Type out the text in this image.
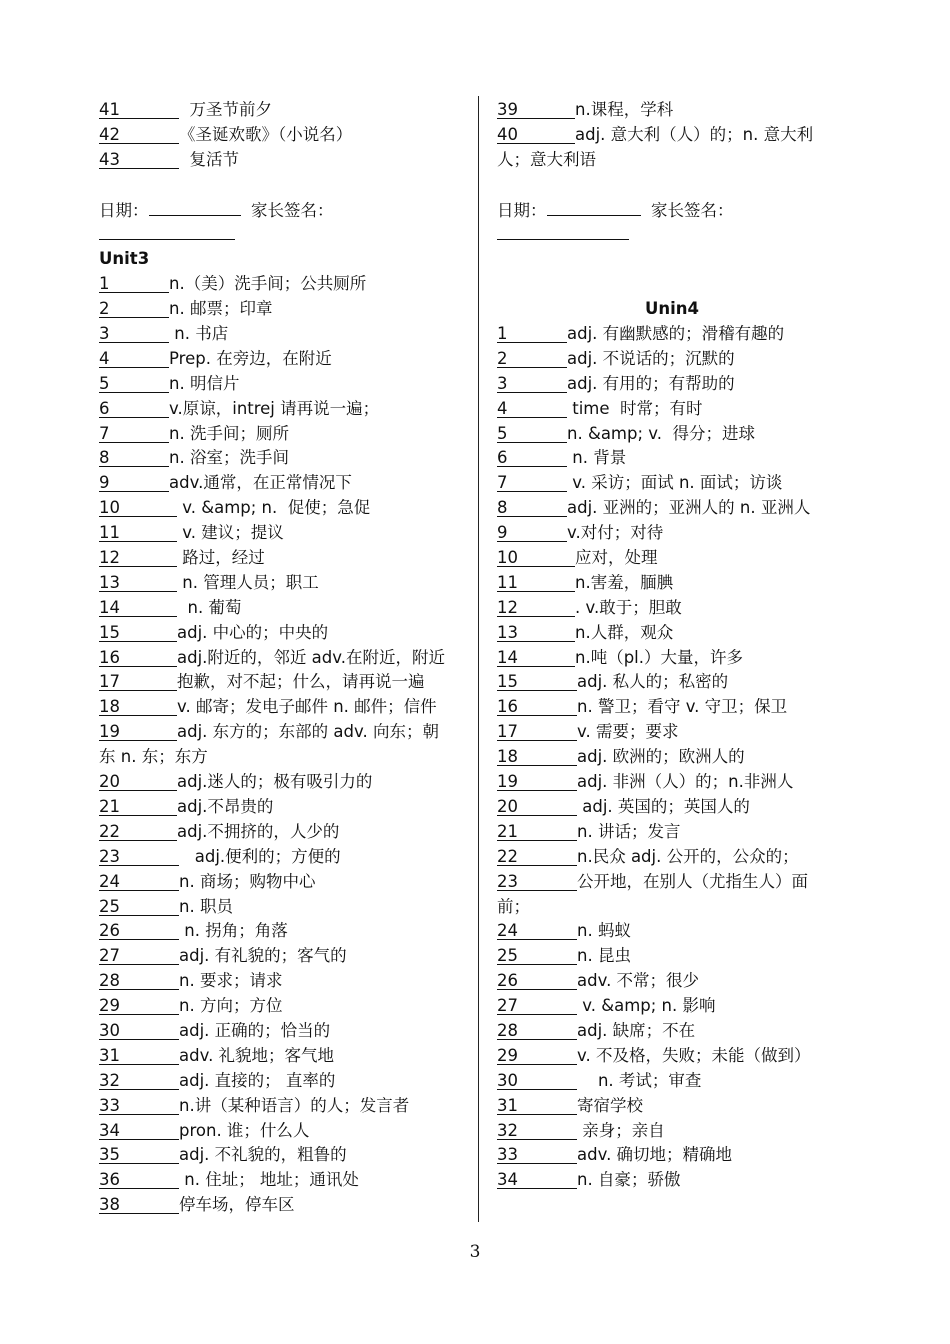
41	万圣节前夕
42	《圣诞欢歌》（小说名）
43	复活节
日期：	家长签名：
Unit3
1	n.（美）洗手间；公共厕所
2	n. 邮票；印章
3	n. 书店
4	Prep. 在旁边，在附近
5	n. 明信片
6	v.原谅，intrej 请再说一遍；
7	n. 洗手间；厕所
8	n. 浴室；洗手间
9	adv.通常，在正常情况下
10	v. &amp; n.  促使；急促
11	v. 建议；提议
12	路过，经过
13	n. 管理人员；职工
14	n. 葡萄
15	adj. 中心的；中央的
16	adj.附近的，邻近 adv.在附近，附近
17	抱歉，对不起；什么，请再说一遍
18	v. 邮寄；发电子邮件 n. 邮件；信件
19	adj. 东方的；东部的 adv. 向东；朝
东 n. 东；东方
20	adj.迷人的；极有吸引力的
21	adj.不昂贵的
22	adj.不拥挤的，人少的
23	adj.便利的；方便的
24	n. 商场；购物中心
25	n. 职员
26	n. 拐角；角落
27	adj. 有礼貌的；客气的
28	n. 要求；请求
29	n. 方向；方位
30	adj. 正确的；恰当的
31	adv. 礼貌地；客气地
32	adj. 直接的； 直率的
33	n.讲（某种语言）的人；发言者
34	pron. 谁；什么人
35	adj. 不礼貌的，粗鲁的
36	n. 住址； 地址；通讯处
38	停车场，停车区
39	n.课程，学科
40	adj. 意大利（人）的；n. 意大利
人；意大利语
日期：	家长签名：
Unin4
1	adj. 有幽默感的；滑稽有趣的
2	adj. 不说话的；沉默的
3	adj. 有用的；有帮助的
4	time  时常；有时
5	n. &amp; v.  得分；进球
6	n. 背景
7	v. 采访；面试 n. 面试；访谈
8	adj. 亚洲的；亚洲人的 n. 亚洲人
9	v.对付；对待
10	应对，处理
11	n.害羞，腼腆
12	. v.敢于；胆敢
13	n.人群，观众
14	n.吨（pl.）大量，许多
15	adj. 私人的；私密的
16	n. 警卫；看守 v. 守卫；保卫
17	v. 需要；要求
18	adj. 欧洲的；欧洲人的
19	adj. 非洲（人）的；n.非洲人
20	adj. 英国的；英国人的
21	n. 讲话；发言
22	n.民众 adj. 公开的，公众的；
23	公开地，在别人（尤指生人）面
前；
24	n. 蚂蚁
25	n. 昆虫
26	adv. 不常；很少
27	v. &amp; n. 影响
28	adj. 缺席；不在
29	v. 不及格，失败；未能（做到）
30	n. 考试；审查
31	寄宿学校
32	亲身；亲自
33	adv. 确切地；精确地
34	n. 自豪；骄傲
3
